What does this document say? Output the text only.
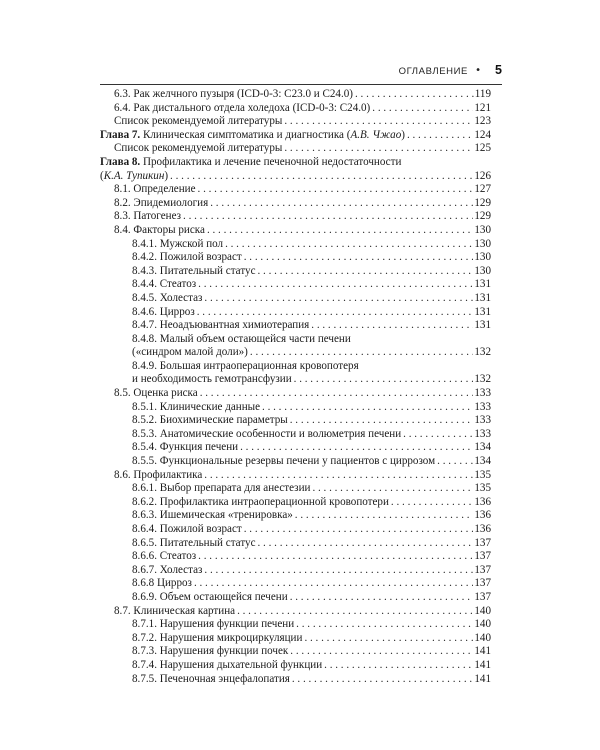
ОГЛАВЛЕНИЕ • 5
6.3. Рак желчного пузыря (ICD-0-3: C23.0 и C24.0) . . .	119
6.4. Рак дистального отдела холедоха (ICD-0-3: C24.0) . . .	121
Список рекомендуемой литературы . . .	123
Глава 7. Клиническая симптоматика и диагностика (А.В. Чжао) . . .	124
Список рекомендуемой литературы . . .	125
Глава 8. Профилактика и лечение печеночной недостаточности
(К.А. Тупикин) . . .	126
8.1. Определение . . .	127
8.2. Эпидемиология . . .	129
8.3. Патогенез . . .	129
8.4. Факторы риска . . .	130
8.4.1. Мужской пол . . .	130
8.4.2. Пожилой возраст . . .	130
8.4.3. Питательный статус . . .	130
8.4.4. Стеатоз . . .	131
8.4.5. Холестаз . . .	131
8.4.6. Цирроз . . .	131
8.4.7. Неоадъювантная химиотерапия . . .	131
8.4.8. Малый объем остающейся части печени
(«синдром малой доли») . . .	132
8.4.9. Большая интраоперационная кровопотеря
и необходимость гемотрансфузии . . .	132
8.5. Оценка риска . . .	133
8.5.1. Клинические данные . . .	133
8.5.2. Биохимические параметры . . .	133
8.5.3. Анатомические особенности и волюметрия печени . . .	133
8.5.4. Функция печени . . .	134
8.5.5. Функциональные резервы печени у пациентов с циррозом . . .	134
8.6. Профилактика . . .	135
8.6.1. Выбор препарата для анестезии . . .	135
8.6.2. Профилактика интраоперационной кровопотери . . .	136
8.6.3. Ишемическая «тренировка» . . .	136
8.6.4. Пожилой возраст . . .	136
8.6.5. Питательный статус . . .	137
8.6.6. Стеатоз . . .	137
8.6.7. Холестаз . . .	137
8.6.8 Цирроз . . .	137
8.6.9. Объем остающейся печени . . .	137
8.7. Клиническая картина . . .	140
8.7.1. Нарушения функции печени . . .	140
8.7.2. Нарушения микроциркуляции . . .	140
8.7.3. Нарушения функции почек . . .	141
8.7.4. Нарушения дыхательной функции . . .	141
8.7.5. Печеночная энцефалопатия . . .	141
